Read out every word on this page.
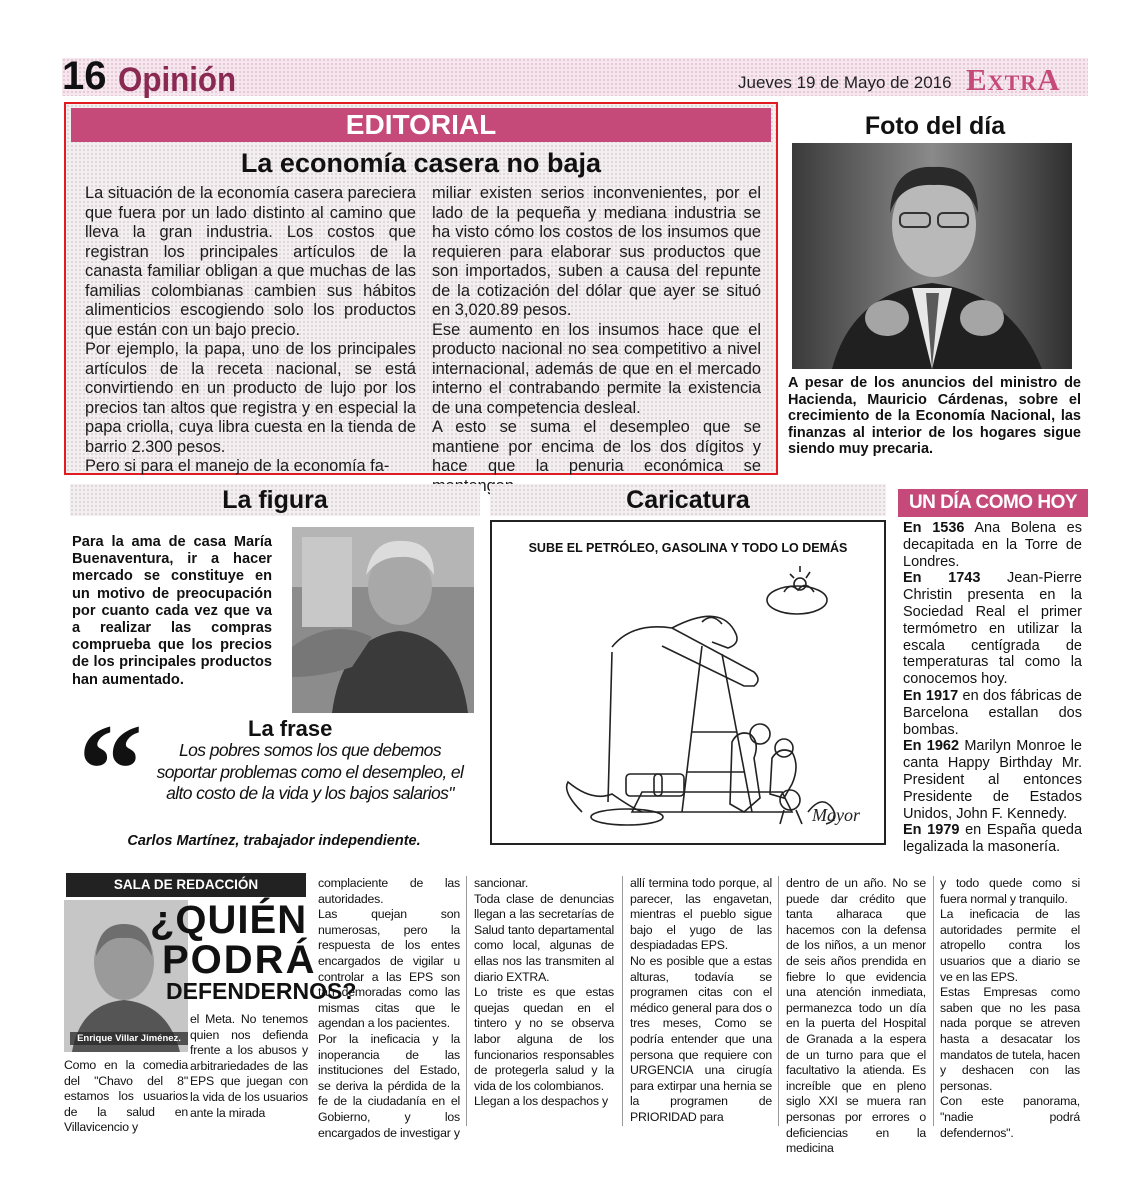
16 Opinión	Jueves 19 de Mayo de 2016 ExtrA
EDITORIAL
La economía casera no baja

La situación de la economía casera pareciera que fuera por un lado distinto al camino que lleva la gran industria. Los costos que registran los principales artículos de la canasta familiar obligan a que muchas de las familias colombianas cambien sus hábitos alimenticios escogiendo solo los productos que están con un bajo precio.

Por ejemplo, la papa, uno de los principales artículos de la receta nacional, se está convirtiendo en un producto de lujo por los precios tan altos que registra y en especial la papa criolla, cuya libra cuesta en la tienda de barrio 2.300 pesos.

Pero si para el manejo de la economía fa-

miliar existen serios inconvenientes, por el lado de la pequeña y mediana industria se ha visto cómo los costos de los insumos que requieren para elaborar sus productos que son importados, suben a causa del repunte de la cotización del dólar que ayer se situó en 3,020.89 pesos.

Ese aumento en los insumos hace que el producto nacional no sea competitivo a nivel internacional, además de que en el mercado interno el contrabando permite la existencia de una competencia desleal.

A esto se suma el desempleo que se mantiene por encima de los dos dígitos y hace que la penuria económica se

Foto del día
A pesar de los anuncios del ministro de Hacienda, Mauricio Cárdenas, sobre el crecimiento de la Economía Nacional, las finanzas al interior de los hogares sigue siendo muy precaria.
La figura
Para la ama de casa María Buenaventura, ir a hacer mercado se constituye en un motivo de preocupación por cuanto cada vez que va a realizar las compras comprueba que los precios de los principales productos han aumentado.
“	La frase
Los pobres somos los que debemos soportar problemas como el desempleo, el alto costo de la vida y los bajos salarios"
Carlos Martínez, trabajador independiente.
Caricatura
SUBE EL PETRÓLEO, GASOLINA Y TODO LO DEMÁS
Mayor
UN DÍA COMO HOY
En 1536 Ana Bolena es decapitada en la Torre de Londres.
En 1743 Jean-Pierre Christin presenta en la Sociedad Real el primer termómetro en utilizar la escala centígrada de temperaturas tal como la conocemos hoy.
En 1917 en dos fábricas de Barcelona estallan dos bombas.
En 1962 Marilyn Monroe le canta Happy Birthday Mr. President al entonces Presidente de Estados Unidos, John F. Kennedy.
En 1979 en España queda legalizada la masonería.
SALA DE REDACCIÓN
Enrique Villar Jiménez.
¿QUIÉN
PODRÁ
DEFENDERNOS?

el Meta. No tenemos quien nos defienda frente a los abusos y arbitrariedades de las EPS que juegan con la vida de los usuarios ante la mirada

Como en la comedia del "Chavo del 8" estamos los usuarios de la salud en Villavicencio y

complaciente de las autoridades.

Las quejan son numerosas, pero la respuesta de los entes encargados de vigilar u controlar a las EPS son tan demoradas como las mismas citas que le agendan a los pacientes.

Por la ineficacia y la inoperancia de las instituciones del Estado, se deriva la pérdida de la fe de la ciudadanía en el Gobierno, y los encargados de investigar y

sancionar.

Toda clase de denuncias llegan a las secretarías de Salud tanto departamental como local, algunas de ellas nos las transmiten al diario EXTRA.

Lo triste es que estas quejas quedan en el tintero y no se observa labor alguna de los funcionarios responsables de protegerla salud y la vida de los colombianos.

Llegan a los despachos y

allí termina todo porque, al parecer, las engavetan, mientras el pueblo sigue bajo el yugo de las despiadadas EPS.

No es posible que a estas alturas, todavía se programen citas con el médico general para dos o tres meses, Como se podría entender que una persona que requiere con URGENCIA una cirugía para extirpar una hernia se la programen de PRIORIDAD para

dentro de un año. No se puede dar crédito que tanta alharaca que hacemos con la defensa de los niños, a un menor de seis años prendida en fiebre lo que evidencia una atención inmediata, permanezca todo un día en la puerta del Hospital de Granada a la espera de un turno para que el facultativo la atienda. Es increíble que en pleno siglo XXI se muera ran personas por errores o deficiencias en la medicina

y todo quede como si fuera normal y tranquilo.

La ineficacia de las autoridades permite el atropello contra los usuarios que a diario se ve en las EPS.

Estas Empresas como saben que no les pasa nada porque se atreven hasta a desacatar los mandatos de tutela, hacen y deshacen con las personas.

Con este panorama, "nadie podrá defendernos".
